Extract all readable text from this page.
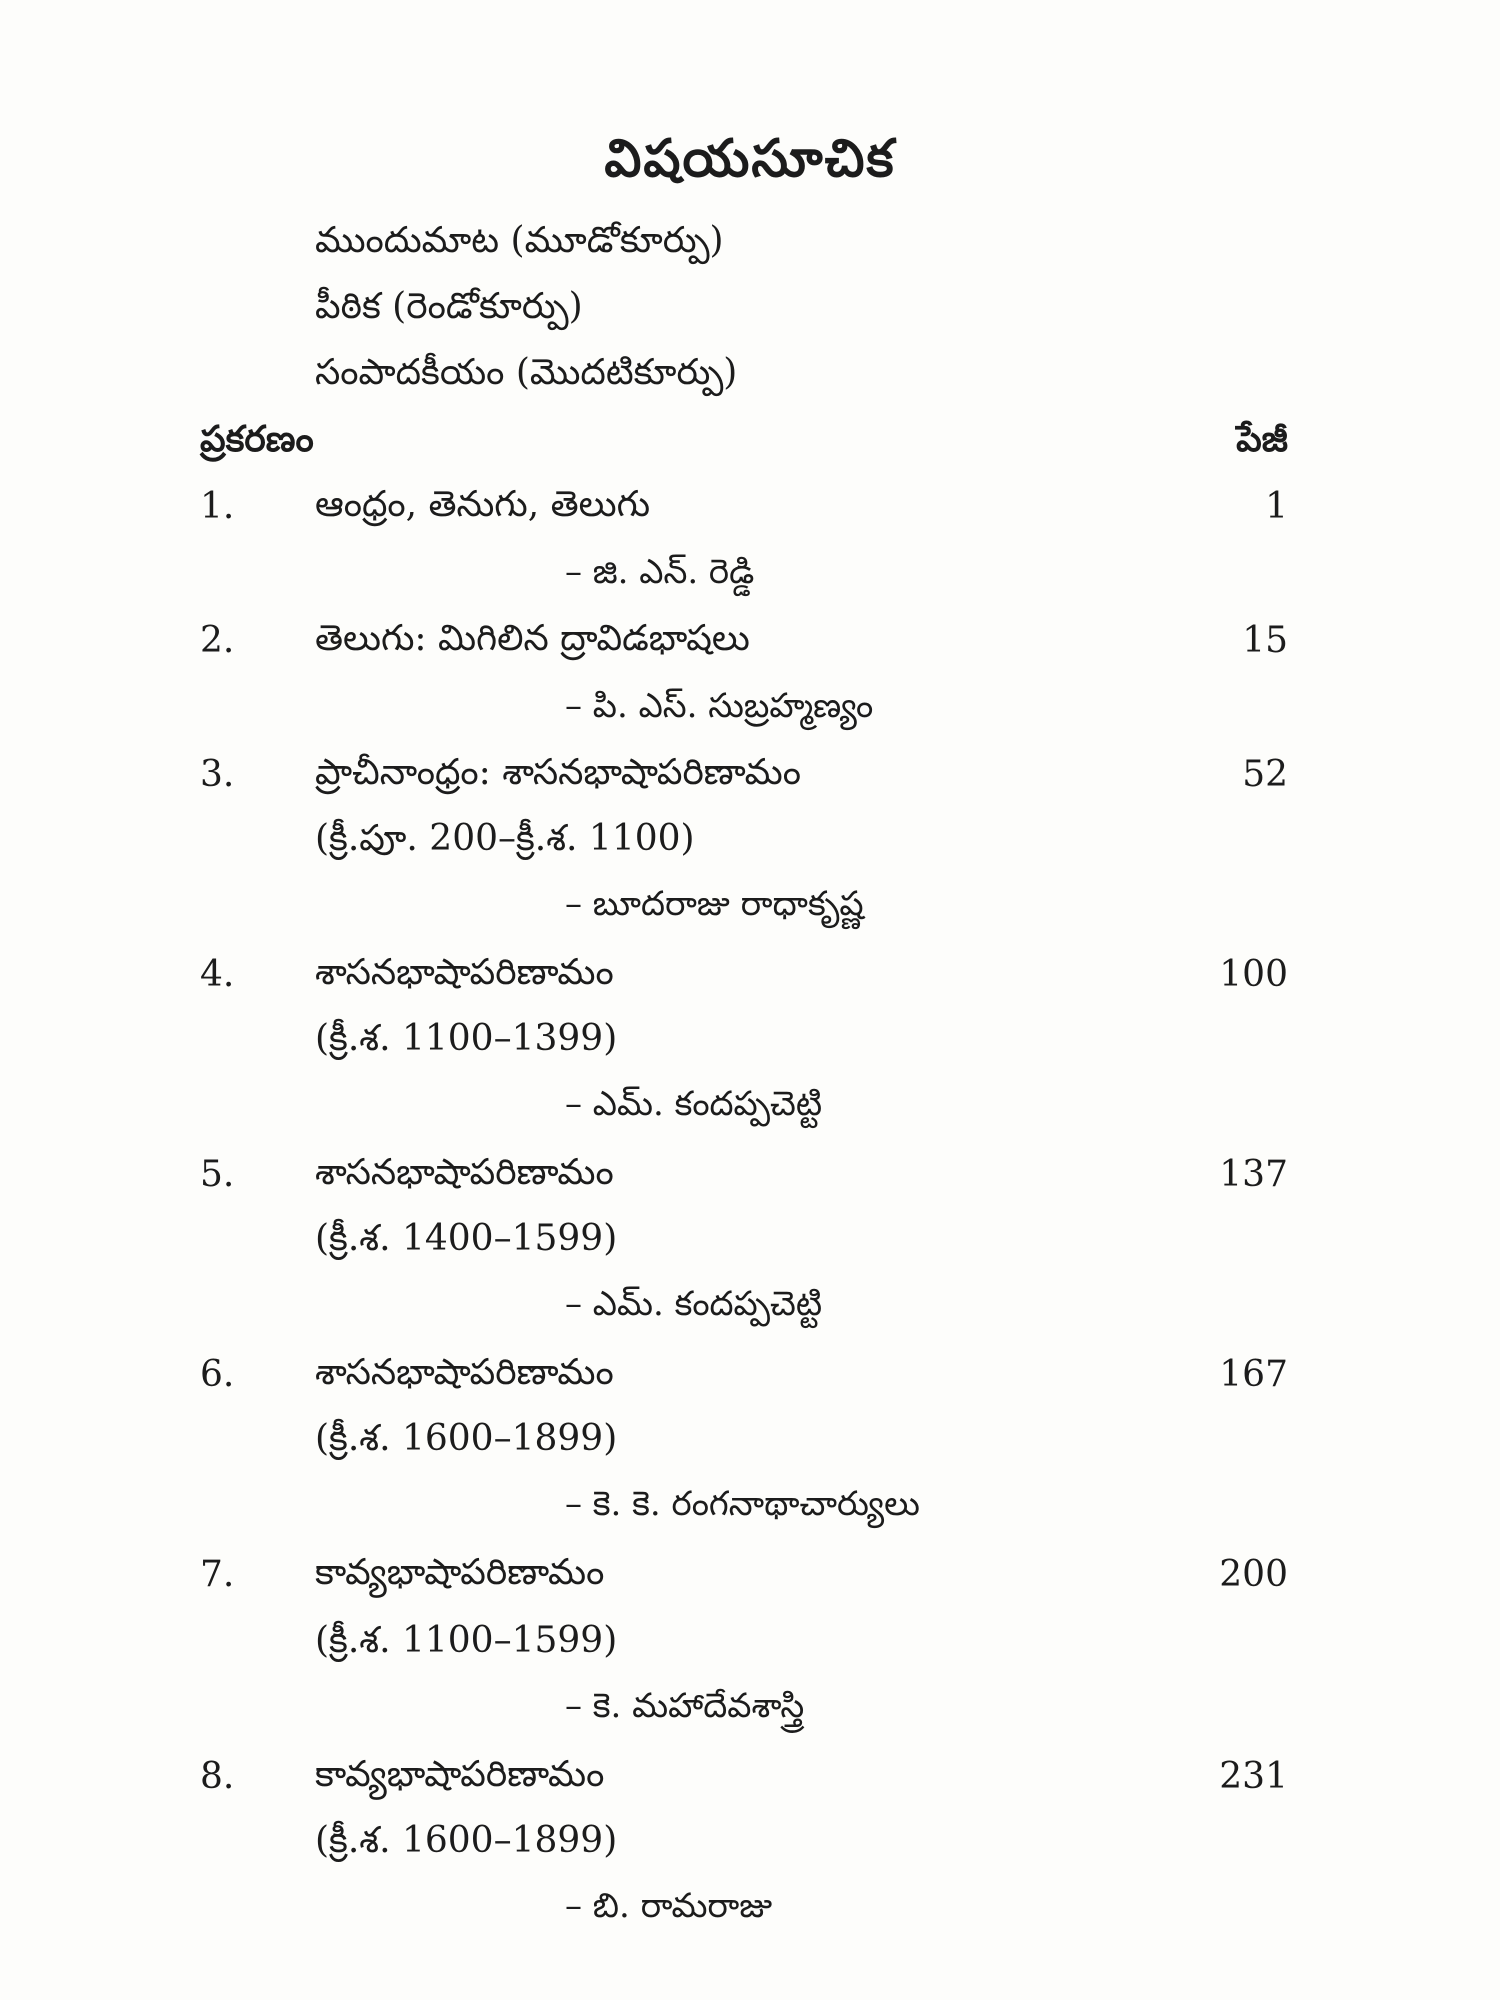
విషయసూచిక
ముందుమాట (మూడోకూర్పు)
పీఠిక (రెండోకూర్పు)
సంపాదకీయం (మొదటికూర్పు)
ప్రకరణం	పేజీ
1. ఆంధ్రం, తెనుగు, తెలుగు	1
– జి. ఎన్. రెడ్డి
2. తెలుగు: మిగిలిన ద్రావిడభాషలు	15
– పి. ఎస్. సుబ్రహ్మణ్యం
3. ప్రాచీనాంధ్రం: శాసనభాషాపరిణామం	52
(క్రీ.పూ. 200–క్రీ.శ. 1100)
– బూదరాజు రాధాకృష్ణ
4. శాసనభాషాపరిణామం	100
(క్రీ.శ. 1100–1399)
– ఎమ్. కందప్పచెట్టి
5. శాసనభాషాపరిణామం	137
(క్రీ.శ. 1400–1599)
– ఎమ్. కందప్పచెట్టి
6. శాసనభాషాపరిణామం	167
(క్రీ.శ. 1600–1899)
– కె. కె. రంగనాథాచార్యులు
7. కావ్యభాషాపరిణామం	200
(క్రీ.శ. 1100–1599)
– కె. మహాదేవశాస్త్రి
8. కావ్యభాషాపరిణామం	231
(క్రీ.శ. 1600–1899)
– బి. రామరాజు
